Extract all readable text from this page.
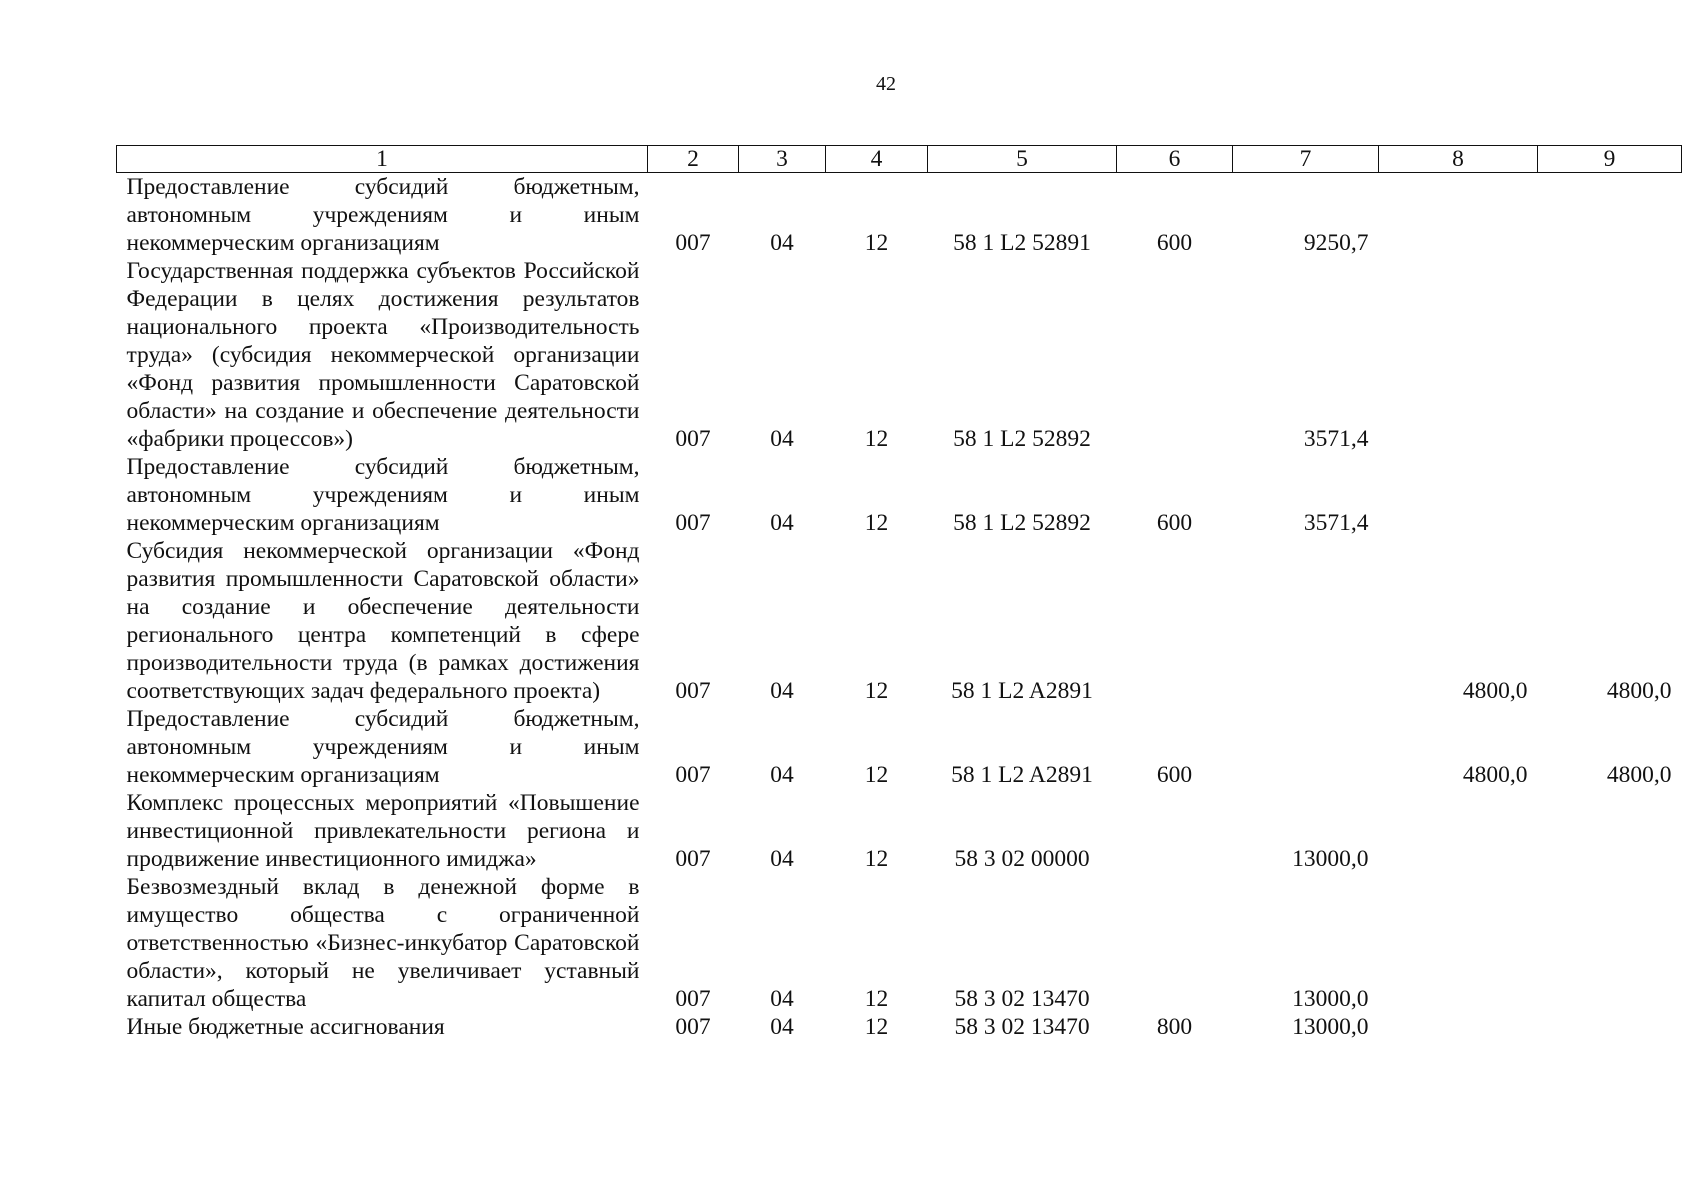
42
1	2	3	4	5	6	7	8	9
Предоставление субсидий бюджетным, автономным учреждениям и иным некоммерческим организациям	007	04	12	58 1 L2 52891	600	9250,7		
Государственная поддержка субъектов Российской Федерации в целях достижения результатов национального проекта «Производительность труда» (субсидия некоммерческой организации «Фонд развития промышленности Саратовской области» на создание и обеспечение деятельности «фабрики процессов»)	007	04	12	58 1 L2 52892		3571,4		
Предоставление субсидий бюджетным, автономным учреждениям и иным некоммерческим организациям	007	04	12	58 1 L2 52892	600	3571,4		
Субсидия некоммерческой организации «Фонд развития промышленности Саратовской области» на создание и обеспечение деятельности регионального центра компетенций в сфере производительности труда (в рамках достижения соответствующих задач федерального проекта)	007	04	12	58 1 L2 A2891			4800,0	4800,0
Предоставление субсидий бюджетным, автономным учреждениям и иным некоммерческим организациям	007	04	12	58 1 L2 A2891	600		4800,0	4800,0
Комплекс процессных мероприятий «Повышение инвестиционной привлекательности региона и продвижение инвестиционного имиджа»	007	04	12	58 3 02 00000		13000,0		
Безвозмездный вклад в денежной форме в имущество общества с ограниченной ответственностью «Бизнес-инкубатор Саратовской области», который не увеличивает уставный капитал общества	007	04	12	58 3 02 13470		13000,0		
Иные бюджетные ассигнования	007	04	12	58 3 02 13470	800	13000,0		
